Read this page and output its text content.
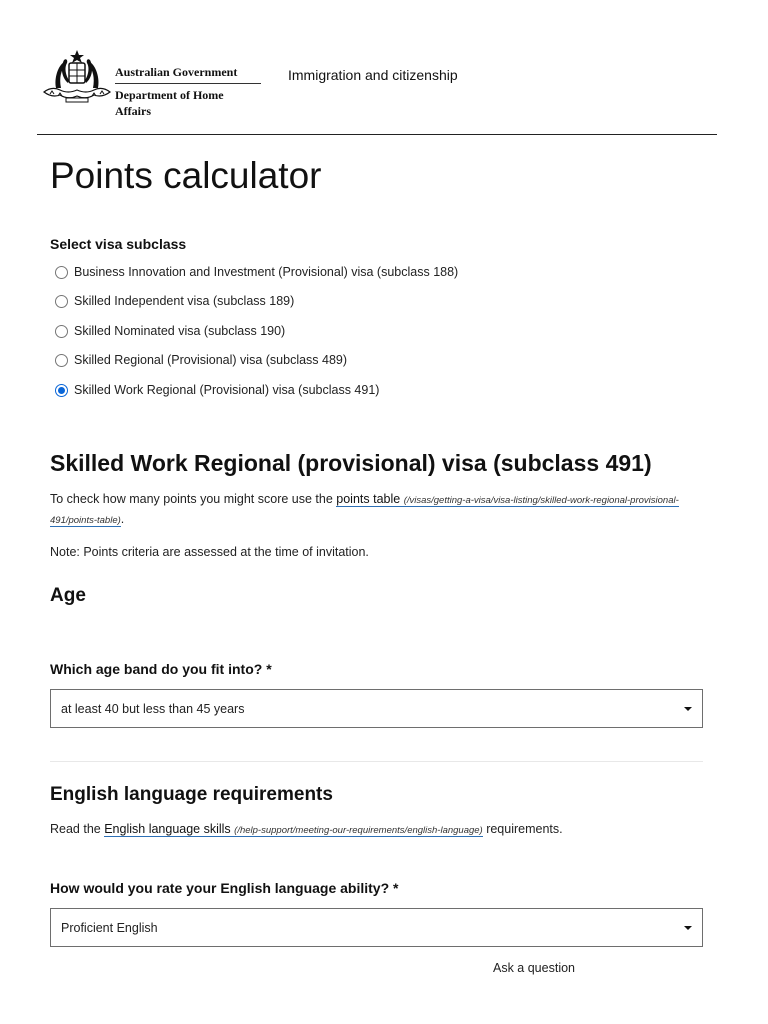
Australian Government
Department of Home Affairs
Immigration and citizenship
Points calculator
Select visa subclass
Business Innovation and Investment (Provisional) visa (subclass 188)
Skilled Independent visa (subclass 189)
Skilled Nominated visa (subclass 190)
Skilled Regional (Provisional) visa (subclass 489)
Skilled Work Regional (Provisional) visa (subclass 491)
Skilled Work Regional (provisional) visa (subclass 491)

To check how many points you might score use the points table (/visas/getting-a-visa/visa-listing/skilled-work-regional-provisional-491/points-table).

Note: Points criteria are assessed at the time of invitation.

Age
Which age band do you fit into? *
at least 40 but less than 45 years
English language requirements

Read the English language skills (/help-support/meeting-our-requirements/english-language) requirements.

How would you rate your English language ability? *
Proficient English
Ask a question
